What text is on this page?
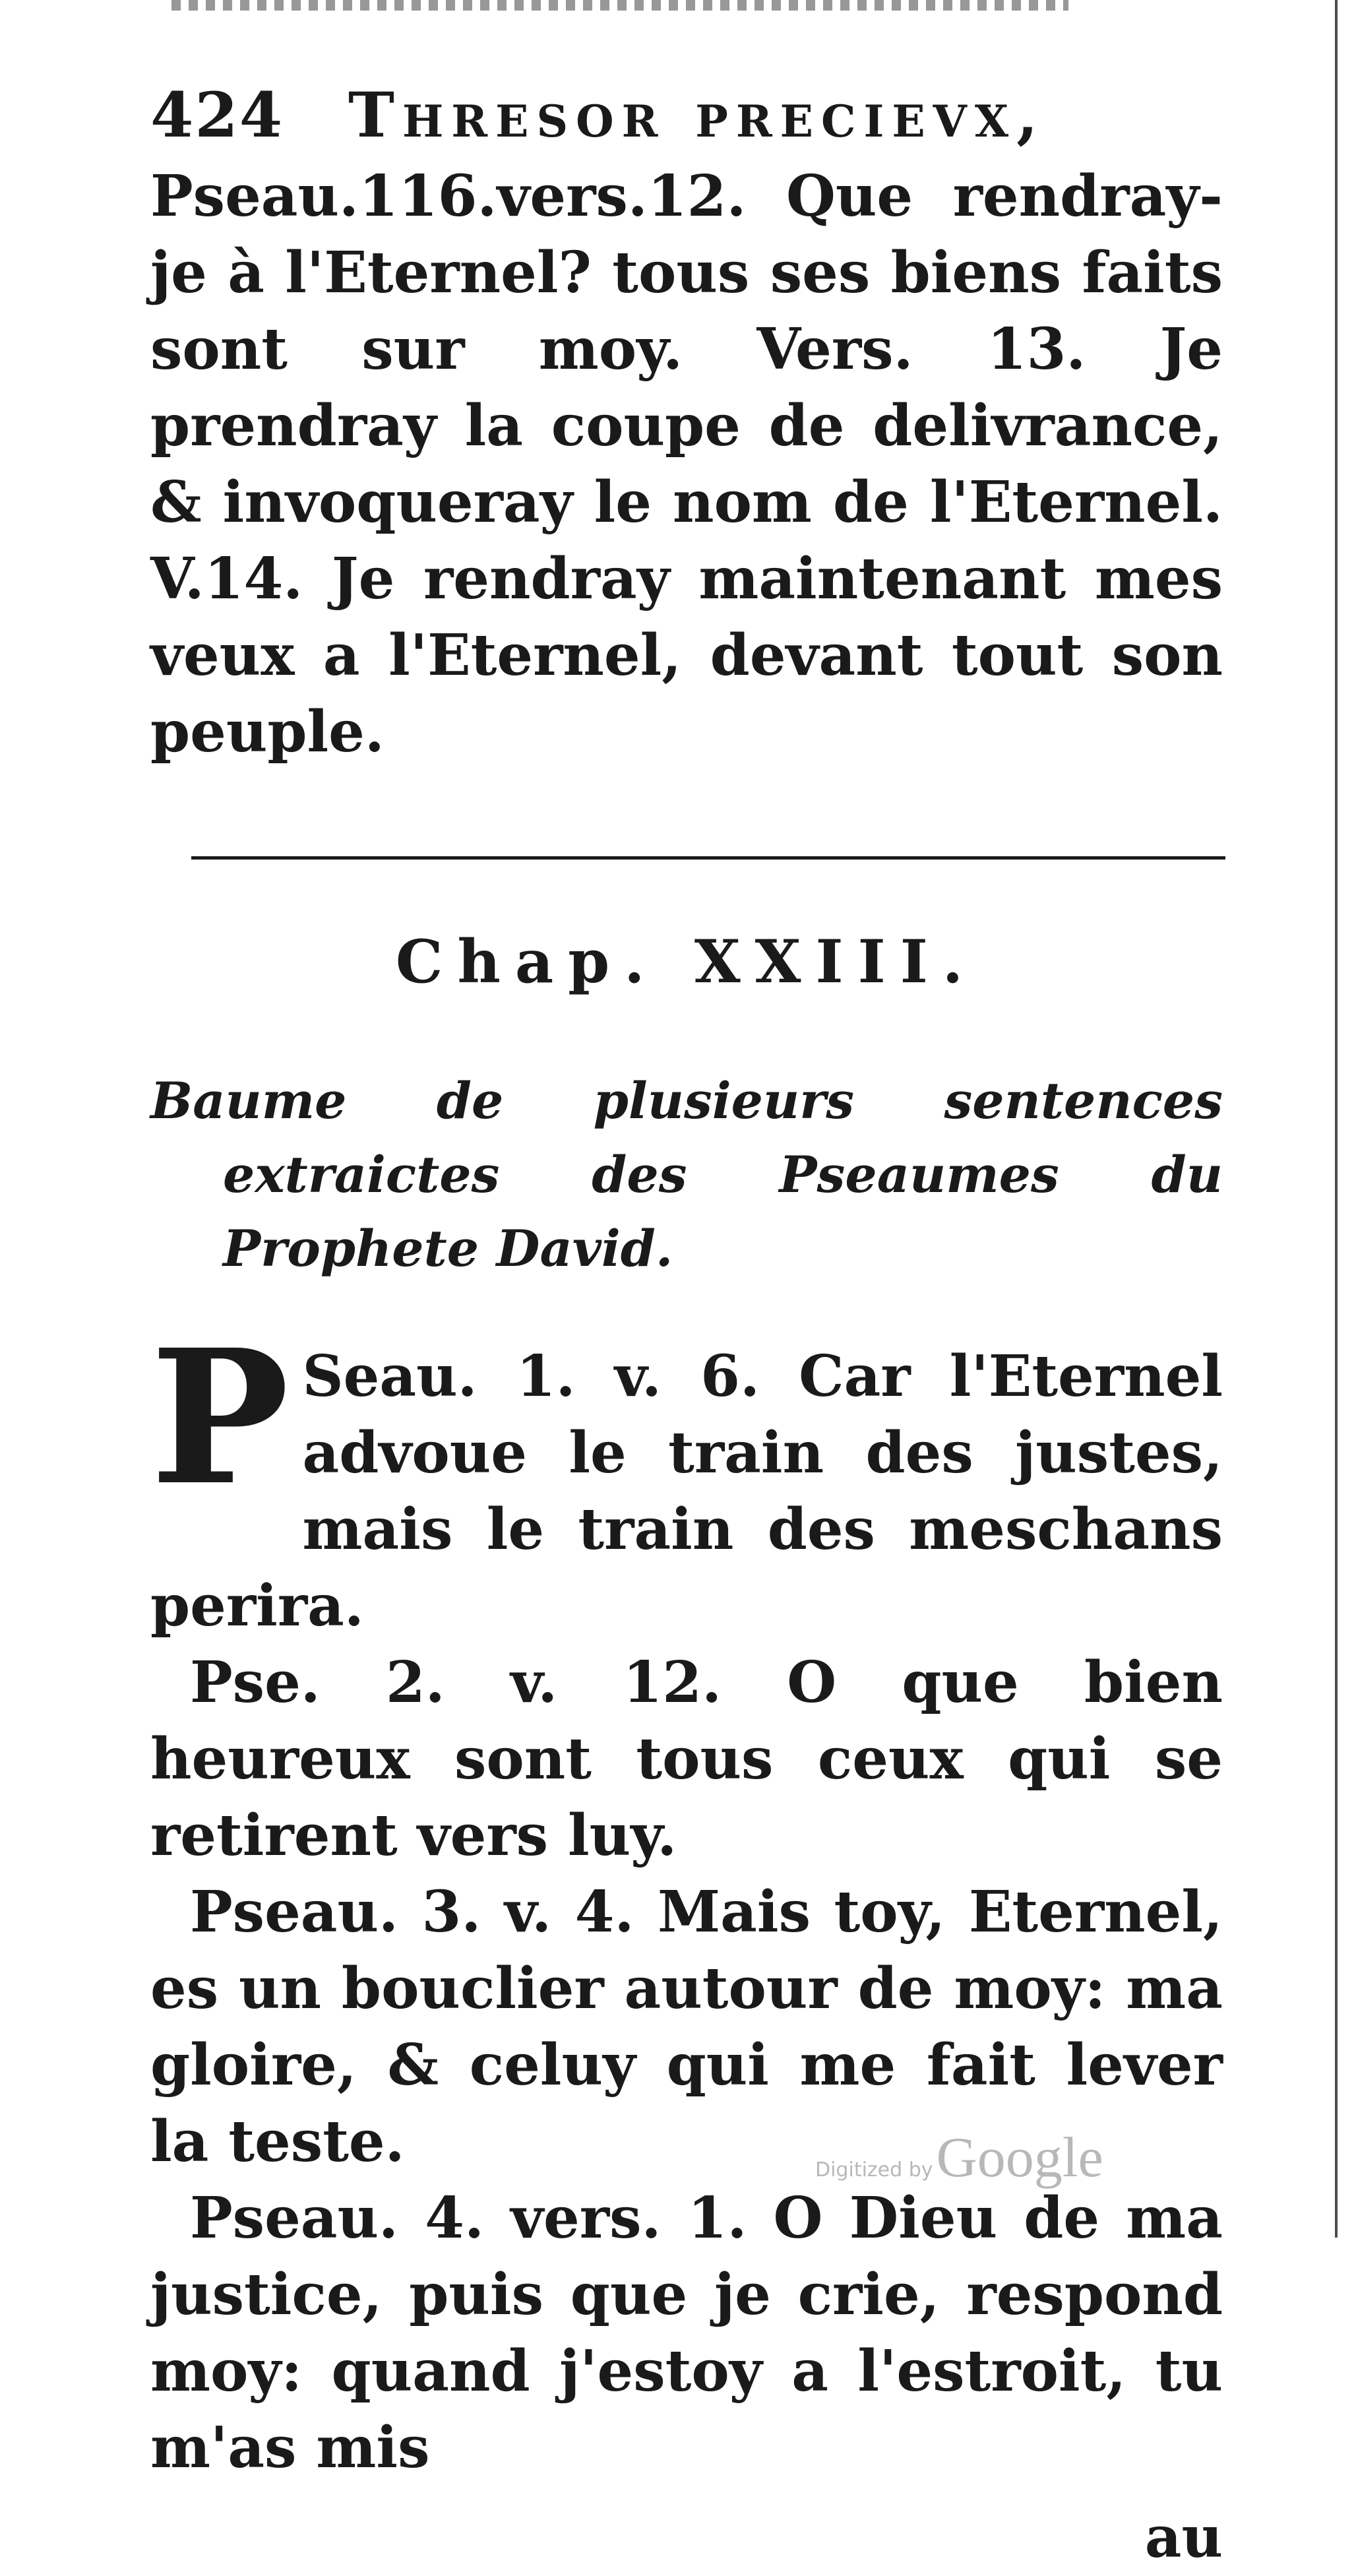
424 Thresor precievx,

Pseau.116.vers.12. Que rendray-je à l'Eternel? tous ses biens faits sont sur moy. Vers. 13. Je prendray la coupe de delivrance, & invoqueray le nom de l'Eternel. V.14. Je rendray maintenant mes veux a l'Eternel, devant tout son peuple.

Chap. XXIII.

Baume de plusieurs sentences extraictes des Pseaumes du Prophete David.

P Seau. 1. v. 6. Car l'Eternel advoue le train des justes, mais le train des meschans perira.

Pse. 2. v. 12. O que bien heureux sont tous ceux qui se retirent vers luy.

Pseau. 3. v. 4. Mais toy, Eternel, es un bouclier autour de moy: ma gloire, & celuy qui me fait lever la teste.

Pseau. 4. vers. 1. O Dieu de ma justice, puis que je crie, respond moy: quand j'estoy a l'estroit, tu m'as mis

au
Digitized by Google
